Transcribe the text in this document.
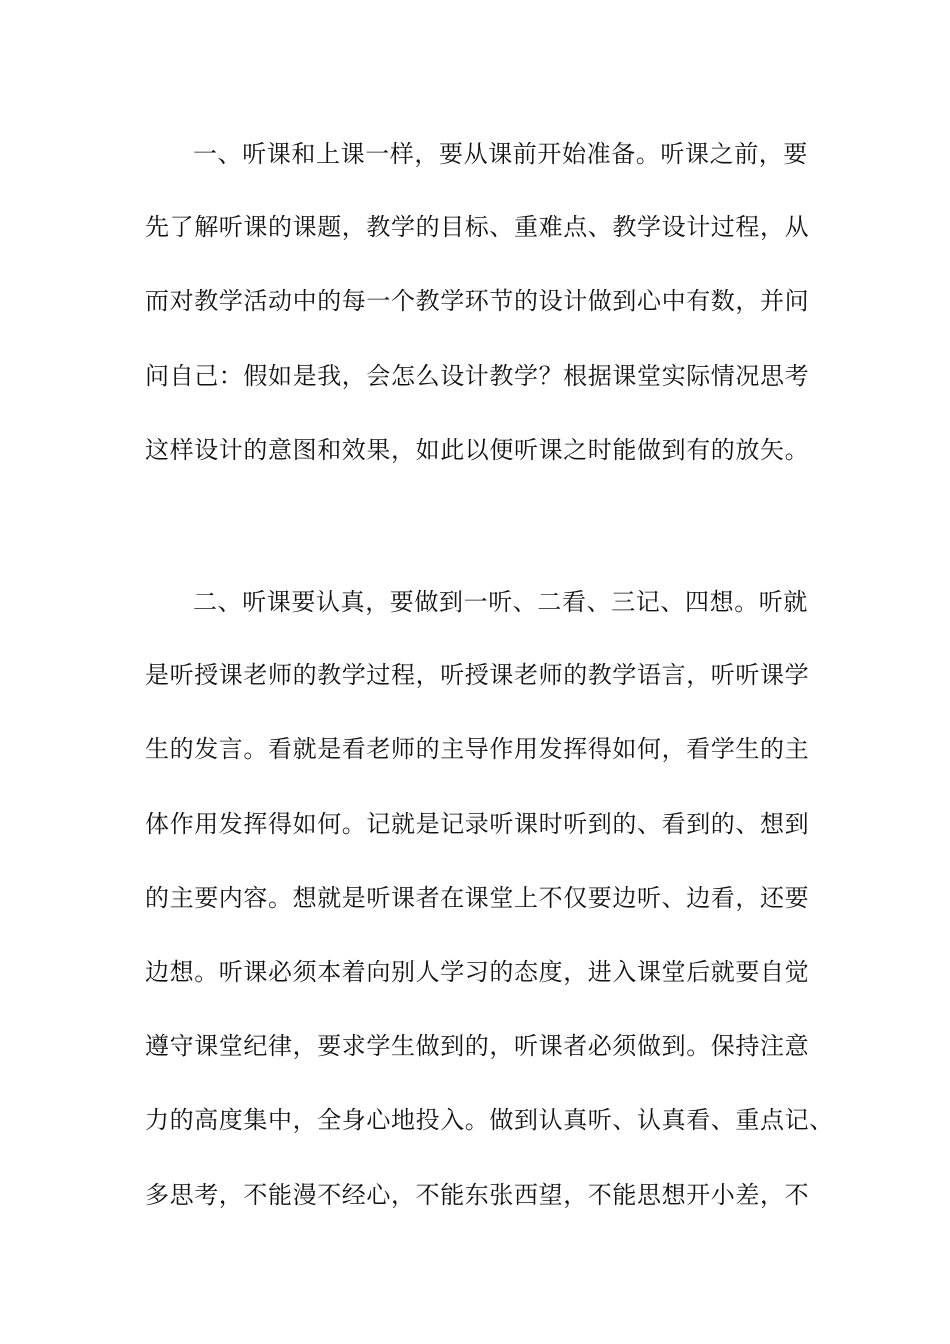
一、听课和上课一样，要从课前开始准备。听课之前，要
先了解听课的课题，教学的目标、重难点、教学设计过程，从
而对教学活动中的每一个教学环节的设计做到心中有数，并问
问自己：假如是我，会怎么设计教学？根据课堂实际情况思考
这样设计的意图和效果，如此以便听课之时能做到有的放矢。
二、听课要认真，要做到一听、二看、三记、四想。听就
是听授课老师的教学过程，听授课老师的教学语言，听听课学
生的发言。看就是看老师的主导作用发挥得如何，看学生的主
体作用发挥得如何。记就是记录听课时听到的、看到的、想到
的主要内容。想就是听课者在课堂上不仅要边听、边看，还要
边想。听课必须本着向别人学习的态度，进入课堂后就要自觉
遵守课堂纪律，要求学生做到的，听课者必须做到。保持注意
力的高度集中，全身心地投入。做到认真听、认真看、重点记、
多思考，不能漫不经心，不能东张西望，不能思想开小差，不
